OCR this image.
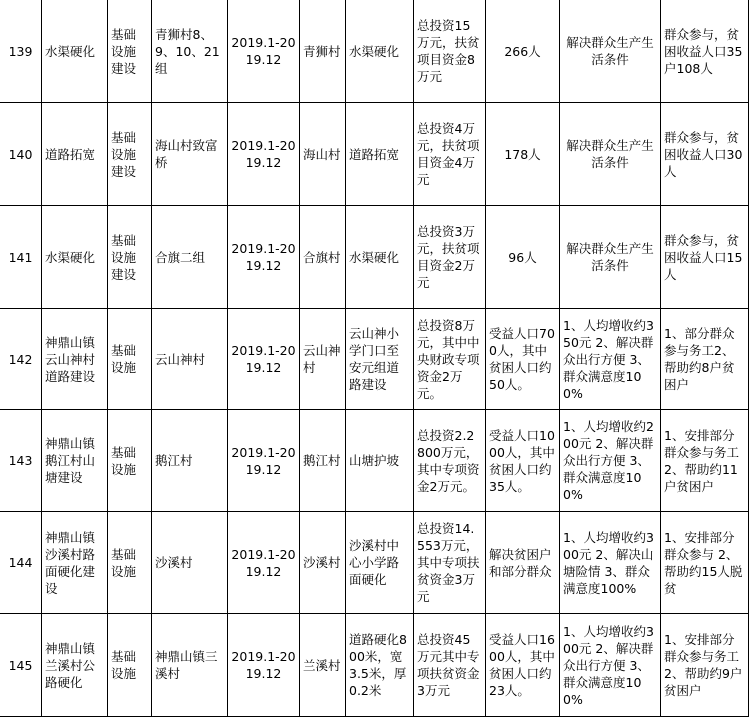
139	水渠硬化	基础设施建设	青狮村8、9、10、21组	2019.1-2019.12	青狮村	水渠硬化	总投资15万元，扶贫项目资金8万元	266人	解决群众生产生活条件	群众参与，贫困收益人口35户108人
140	道路拓宽	基础设施建设	海山村致富桥	2019.1-2019.12	海山村	道路拓宽	总投资4万元，扶贫项目资金4万元	178人	解决群众生产生活条件	群众参与，贫困收益人口30人
141	水渠硬化	基础设施建设	合旗二组	2019.1-2019.12	合旗村	水渠硬化	总投资3万元，扶贫项目资金2万元	96人	解决群众生产生活条件	群众参与，贫困收益人口15人
142	神鼎山镇云山神村道路建设	基础设施	云山神村	2019.1-2019.12	云山神村	云山神小学门口至安元组道路建设	总投资8万元，其中中央财政专项资金2万元。	受益人口700人，其中贫困人口约50人。	1、人均增收约350元 2、解决群众出行方便 3、群众满意度100%	1、部分群众参与务工2、帮助约8户贫困户
143	神鼎山镇鹅江村山塘建设	基础设施	鹅江村	2019.1-2019.12	鹅江村	山塘护坡	总投资2.2800万元，其中专项资金2万元。	受益人口1000人，其中贫困人口约35人。	1、人均增收约200元 2、解决群众出行方便 3、群众满意度100%	1、安排部分群众参与务工 2、帮助约11户贫困户
144	神鼎山镇沙溪村路面硬化建设	基础设施	沙溪村	2019.1-2019.12	沙溪村	沙溪村中心小学路面硬化	总投资14.553万元，其中专项扶贫资金3万元	解决贫困户和部分群众	1、人均增收约300元 2、解决山塘险情 3、群众满意度100%	1、安排部分群众参与 2、帮助约15人脱贫
145	神鼎山镇兰溪村公路硬化	基础设施	神鼎山镇三溪村	2019.1-2019.12	兰溪村	道路硬化800米，宽3.5米，厚0.2米	总投资45万元其中专项扶贫资金3万元	受益人口1600人，其中贫困人口约23人。	1、人均增收约300元 2、解决群众出行方便 3、群众满意度100%	1、安排部分群众参与务工 2、帮助约9户贫困户
